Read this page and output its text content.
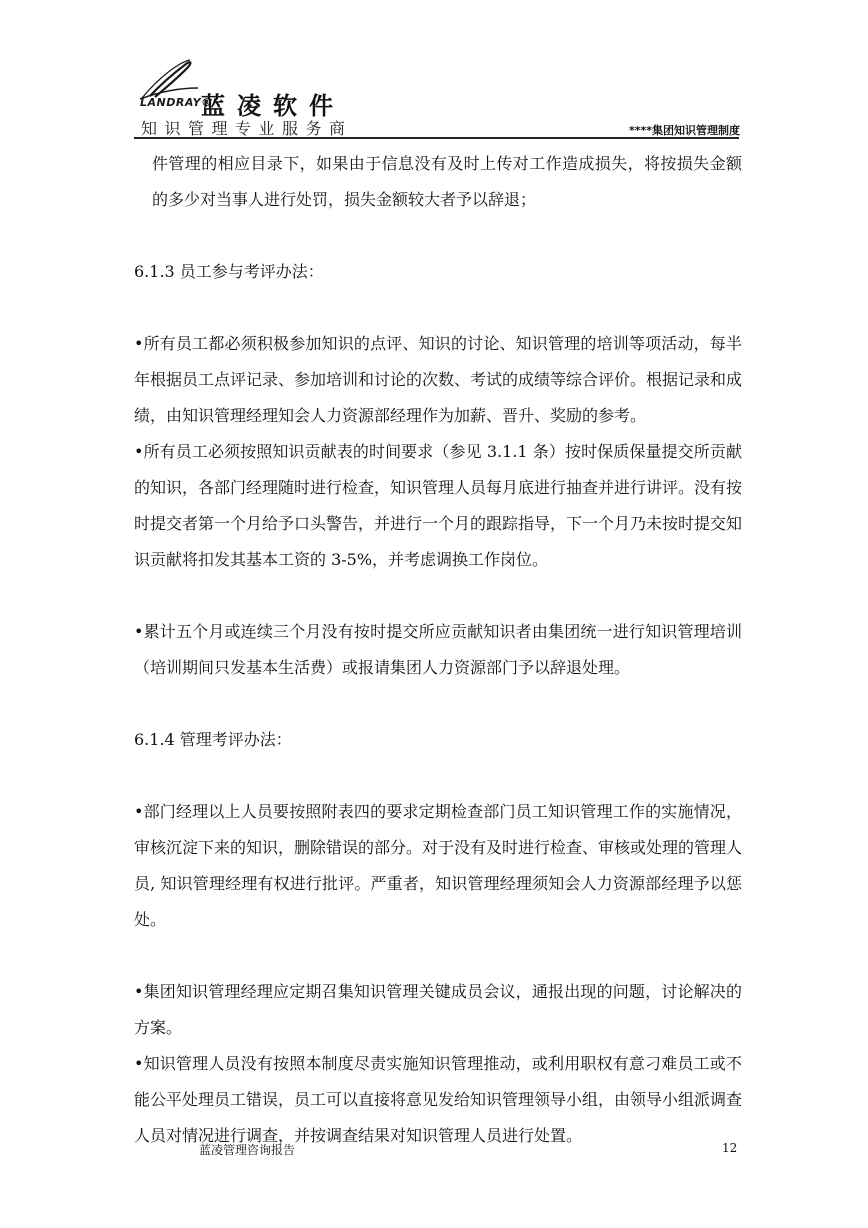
LANDRAY®
蓝凌软件
知识管理专业服务商	****集团知识管理制度

件管理的相应目录下，如果由于信息没有及时上传对工作造成损失，将按损失金额的多少对当事人进行处罚，损失金额较大者予以辞退；

6.1.3 员工参与考评办法：

•所有员工都必须积极参加知识的点评、知识的讨论、知识管理的培训等项活动，每半年根据员工点评记录、参加培训和讨论的次数、考试的成绩等综合评价。根据记录和成绩，由知识管理经理知会人力资源部经理作为加薪、晋升、奖励的参考。

•所有员工必须按照知识贡献表的时间要求（参见 3.1.1 条）按时保质保量提交所贡献的知识，各部门经理随时进行检查，知识管理人员每月底进行抽查并进行讲评。没有按时提交者第一个月给予口头警告，并进行一个月的跟踪指导，下一个月乃未按时提交知识贡献将扣发其基本工资的 3-5%，并考虑调换工作岗位。

•累计五个月或连续三个月没有按时提交所应贡献知识者由集团统一进行知识管理培训（培训期间只发基本生活费）或报请集团人力资源部门予以辞退处理。

6.1.4 管理考评办法：

•部门经理以上人员要按照附表四的要求定期检查部门员工知识管理工作的实施情况，审核沉淀下来的知识，删除错误的部分。对于没有及时进行检查、审核或处理的管理人员, 知识管理经理有权进行批评。严重者，知识管理经理须知会人力资源部经理予以惩处。

•集团知识管理经理应定期召集知识管理关键成员会议，通报出现的问题，讨论解决的方案。

•知识管理人员没有按照本制度尽责实施知识管理推动，或利用职权有意刁难员工或不能公平处理员工错误，员工可以直接将意见发给知识管理领导小组，由领导小组派调查人员对情况进行调查，并按调查结果对知识管理人员进行处置。

蓝凌管理咨询报告	12
